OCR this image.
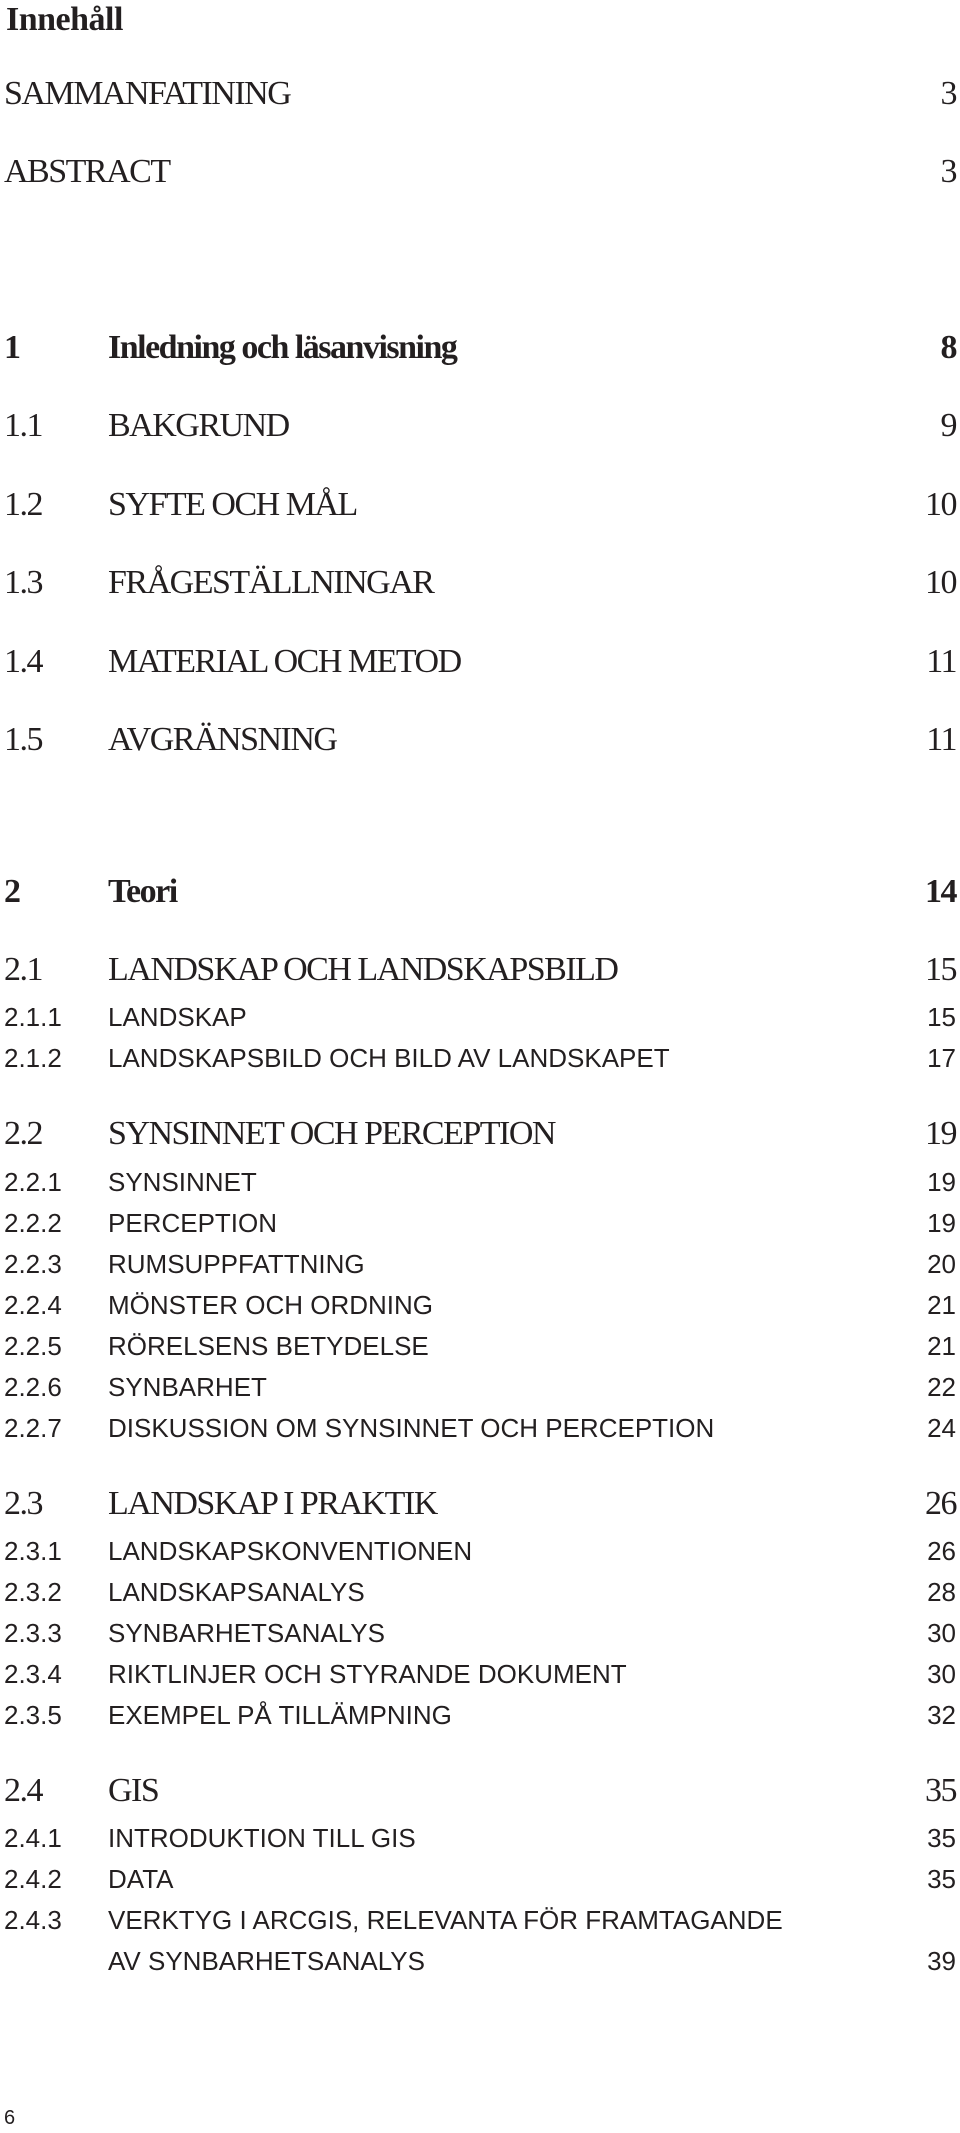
Innehåll
SAMMANFATINING	3
ABSTRACT	3
1	Inledning och läsanvisning	8
1.1 BAKGRUND	9
1.2 SYFTE OCH MÅL	10
1.3 FRÅGESTÄLLNINGAR	10
1.4 MATERIAL OCH METOD	11
1.5 AVGRÄNSNING	11
2	Teori	14
2.1 LANDSKAP OCH LANDSKAPSBILD	15
2.1.1 LANDSKAP	15
2.1.2 LANDSKAPSBILD OCH BILD AV LANDSKAPET	17
2.2 SYNSINNET OCH PERCEPTION	19
2.2.1 SYNSINNET	19
2.2.2 PERCEPTION	19
2.2.3 RUMSUPPFATTNING	20
2.2.4 MÖNSTER OCH ORDNING	21
2.2.5 RÖRELSENS BETYDELSE	21
2.2.6 SYNBARHET	22
2.2.7 DISKUSSION OM SYNSINNET OCH PERCEPTION	24
2.3 LANDSKAP I PRAKTIK	26
2.3.1 LANDSKAPSKONVENTIONEN	26
2.3.2 LANDSKAPSANALYS	28
2.3.3 SYNBARHETSANALYS	30
2.3.4 RIKTLINJER OCH STYRANDE DOKUMENT	30
2.3.5 EXEMPEL PÅ TILLÄMPNING	32
2.4 GIS	35
2.4.1 INTRODUKTION TILL GIS	35
2.4.2 DATA	35
2.4.3 VERKTYG I ARCGIS, RELEVANTA FÖR FRAMTAGANDE
AV SYNBARHETSANALYS	39
6
